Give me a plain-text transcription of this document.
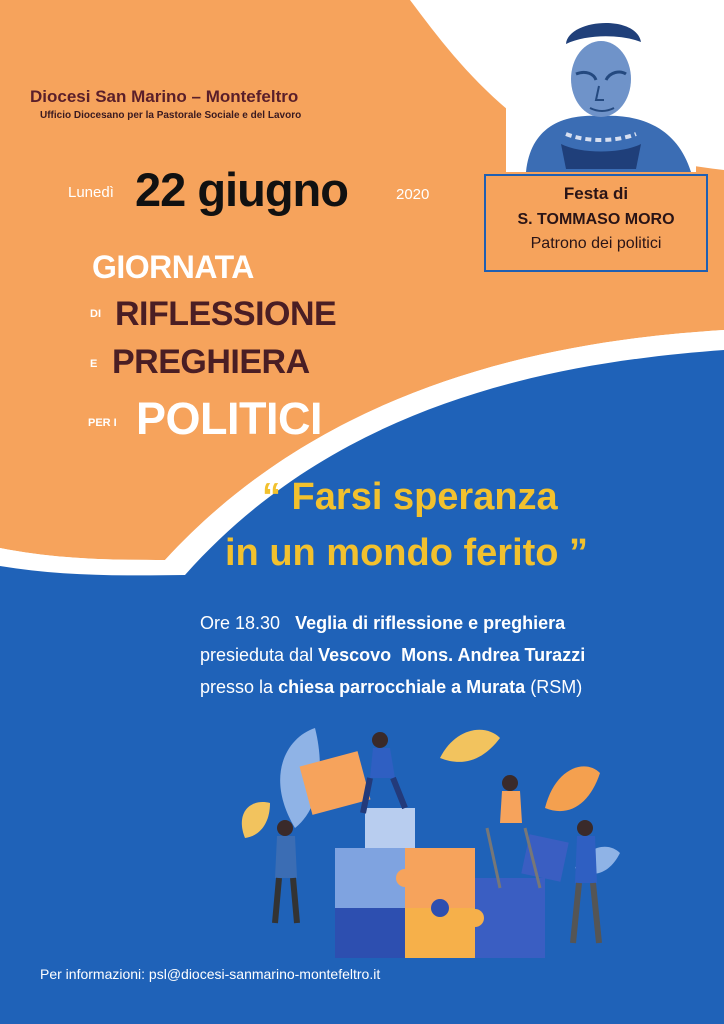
Diocesi San Marino – Montefeltro
Ufficio Diocesano per la Pastorale Sociale e del Lavoro
Lunedì 22 giugno	2020
GIORNATA
DI RIFLESSIONE
E PREGHIERA
PER I POLITICI
Festa di
S. TOMMASO MORO
Patrono dei politici
“ Farsi speranza
in un mondo ferito ”
Ore 18.30 Veglia di riflessione e preghiera
presieduta dal Vescovo Mons. Andrea Turazzi
presso la chiesa parrocchiale a Murata (RSM)
Per informazioni: psl@diocesi-sanmarino-montefeltro.it
